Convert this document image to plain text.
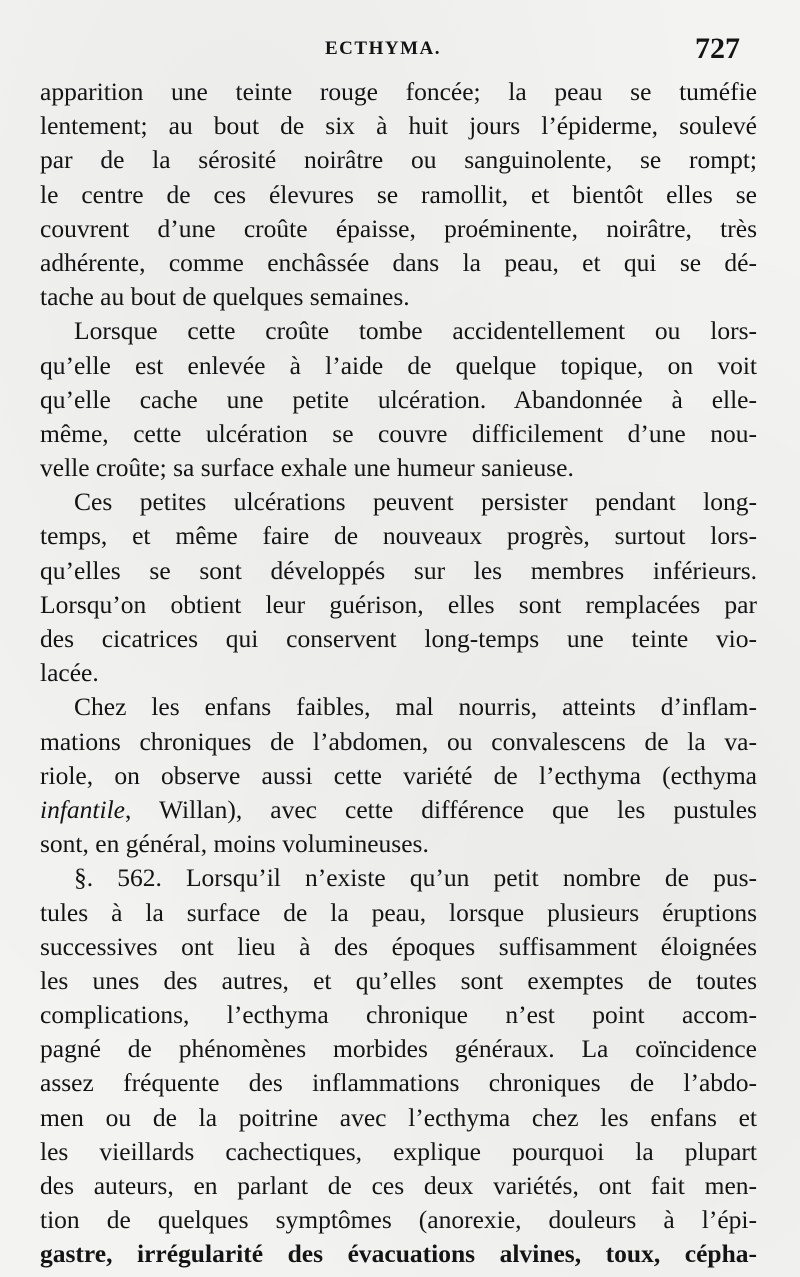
ECTHYMA.	727
apparition une teinte rouge foncée; la peau se tuméfie
lentement; au bout de six à huit jours l’épiderme, soulevé
par de la sérosité noirâtre ou sanguinolente, se rompt;
le centre de ces élevures se ramollit, et bientôt elles se
couvrent d’une croûte épaisse, proéminente, noirâtre, très
adhérente, comme enchâssée dans la peau, et qui se dé-
tache au bout de quelques semaines.
Lorsque cette croûte tombe accidentellement ou lors-
qu’elle est enlevée à l’aide de quelque topique, on voit
qu’elle cache une petite ulcération. Abandonnée à elle-
même, cette ulcération se couvre difficilement d’une nou-
velle croûte; sa surface exhale une humeur sanieuse.
Ces petites ulcérations peuvent persister pendant long-
temps, et même faire de nouveaux progrès, surtout lors-
qu’elles se sont développés sur les membres inférieurs.
Lorsqu’on obtient leur guérison, elles sont remplacées par
des cicatrices qui conservent long-temps une teinte vio-
lacée.
Chez les enfans faibles, mal nourris, atteints d’inflam-
mations chroniques de l’abdomen, ou convalescens de la va-
riole, on observe aussi cette variété de l’ecthyma (ecthyma
infantile, Willan), avec cette différence que les pustules
sont, en général, moins volumineuses.
§. 562. Lorsqu’il n’existe qu’un petit nombre de pus-
tules à la surface de la peau, lorsque plusieurs éruptions
successives ont lieu à des époques suffisamment éloignées
les unes des autres, et qu’elles sont exemptes de toutes
complications, l’ecthyma chronique n’est point accom-
pagné de phénomènes morbides généraux. La coïncidence
assez fréquente des inflammations chroniques de l’abdo-
men ou de la poitrine avec l’ecthyma chez les enfans et
les vieillards cachectiques, explique pourquoi la plupart
des auteurs, en parlant de ces deux variétés, ont fait men-
tion de quelques symptômes (anorexie, douleurs à l’épi-
gastre, irrégularité des évacuations alvines, toux, cépha-
